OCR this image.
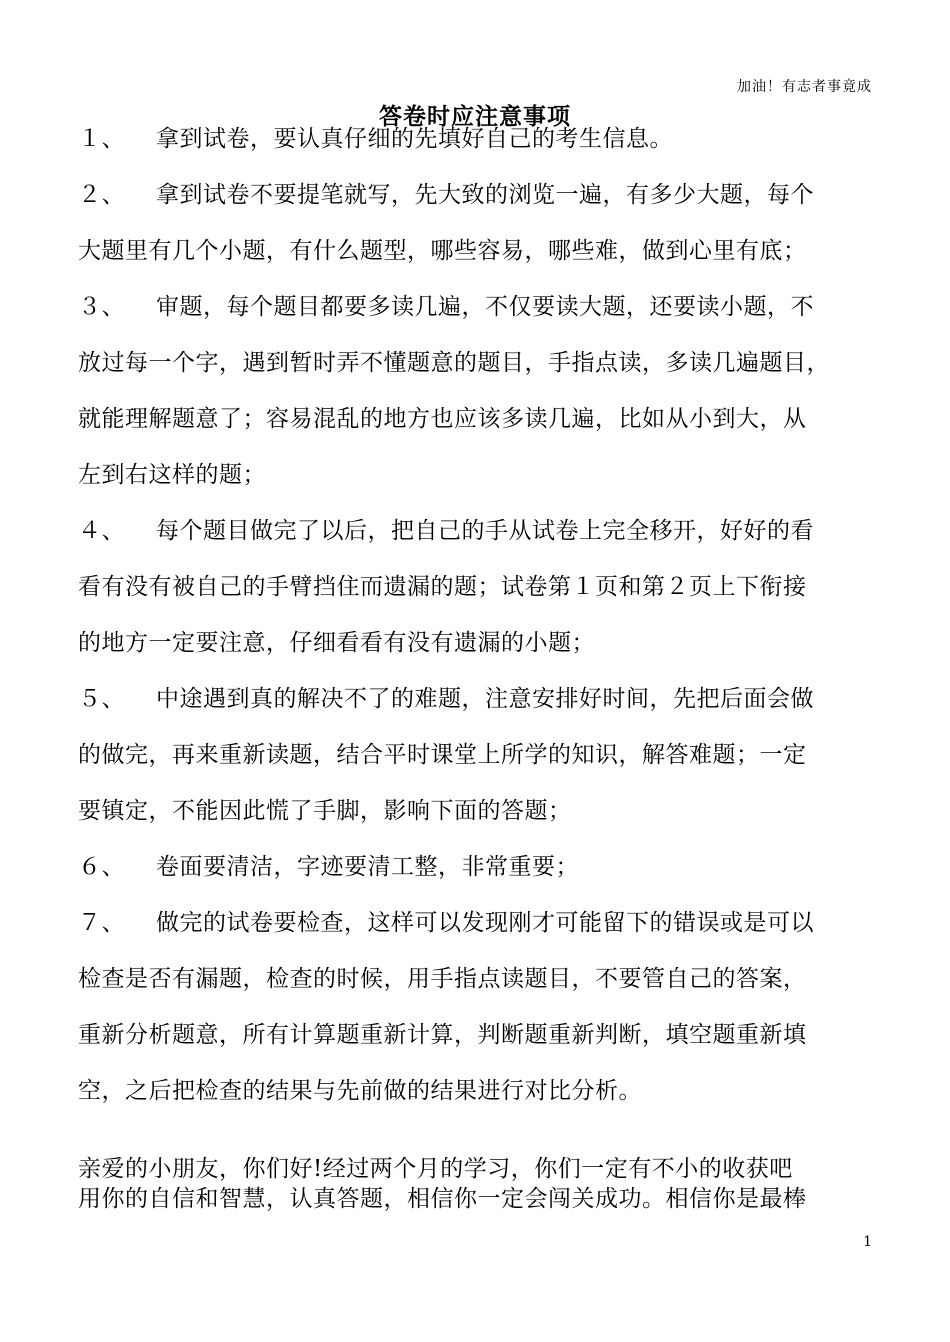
加油！有志者事竟成
答卷时应注意事项
１、 拿到试卷，要认真仔细的先填好自己的考生信息。
２、 拿到试卷不要提笔就写，先大致的浏览一遍，有多少大题，每个
大题里有几个小题，有什么题型，哪些容易，哪些难，做到心里有底；
３、 审题，每个题目都要多读几遍，不仅要读大题，还要读小题，不
放过每一个字，遇到暂时弄不懂题意的题目，手指点读，多读几遍题目，
就能理解题意了；容易混乱的地方也应该多读几遍，比如从小到大，从
左到右这样的题；
４、 每个题目做完了以后，把自己的手从试卷上完全移开，好好的看
看有没有被自己的手臂挡住而遗漏的题；试卷第１页和第２页上下衔接
的地方一定要注意，仔细看看有没有遗漏的小题；
５、 中途遇到真的解决不了的难题，注意安排好时间，先把后面会做
的做完，再来重新读题，结合平时课堂上所学的知识，解答难题；一定
要镇定，不能因此慌了手脚，影响下面的答题；
６、 卷面要清洁，字迹要清工整，非常重要；
７、 做完的试卷要检查，这样可以发现刚才可能留下的错误或是可以
检查是否有漏题，检查的时候，用手指点读题目，不要管自己的答案，
重新分析题意，所有计算题重新计算，判断题重新判断，填空题重新填
空，之后把检查的结果与先前做的结果进行对比分析。
亲爱的小朋友，你们好!经过两个月的学习，你们一定有不小的收获吧
用你的自信和智慧，认真答题，相信你一定会闯关成功。相信你是最棒
1
